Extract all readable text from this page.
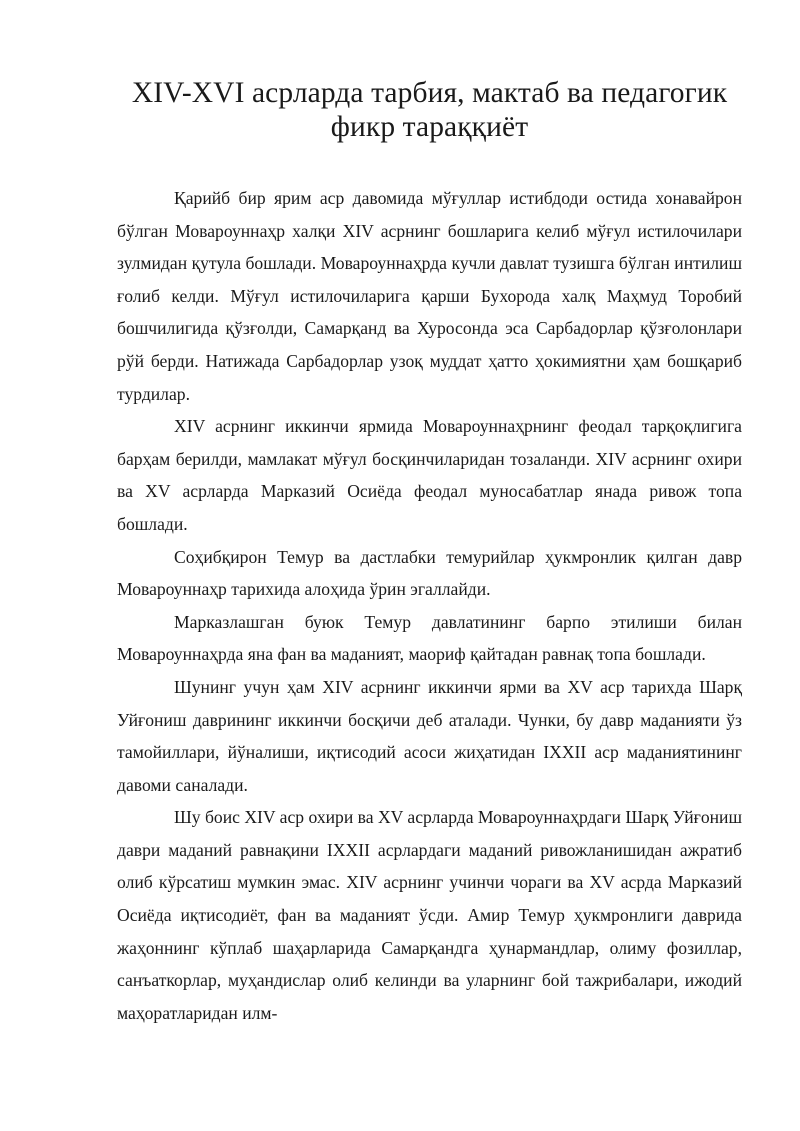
XIV-XVI асрларда тарбия, мактаб ва педагогик
фикр тараққиёт

Қарийб бир ярим аср давомида мўғуллар истибдоди остида хонавайрон бўлган Мовароуннаҳр халқи XIV асрнинг бошларига келиб мўғул истилочилари зулмидан қутула бошлади. Мовароуннаҳрда кучли давлат тузишга бўлган интилиш ғолиб келди. Мўғул истилочиларига қарши Бухорода халқ Маҳмуд Торобий бошчилигида қўзғолди, Самарқанд ва Хуросонда эса Сарбадорлар қўзғолонлари рўй берди. Натижада Сарбадорлар узоқ муддат ҳатто ҳокимиятни ҳам бошқариб турдилар.

XIV асрнинг иккинчи ярмида Мовароуннаҳрнинг феодал тарқоқлигига барҳам берилди, мамлакат мўғул босқинчиларидан тозаланди. XIV асрнинг охири ва XV асрларда Марказий Осиёда феодал муносабатлар янада ривож топа бошлади.

Соҳибқирон Темур ва дастлабки темурийлар ҳукмронлик қилган давр Мовароуннаҳр тарихида алоҳида ўрин эгаллайди.

Марказлашган буюк Темур давлатининг барпо этилиши билан Мовароуннаҳрда яна фан ва маданият, маориф қайтадан равнақ топа бошлади.

Шунинг учун ҳам XIV асрнинг иккинчи ярми ва XV аср тарихда Шарқ Уйғониш даврининг иккинчи босқичи деб аталади. Чунки, бу давр маданияти ўз тамойиллари, йўналиши, иқтисодий асоси жиҳатидан IXXII аср маданиятининг давоми саналади.

Шу боис XIV аср охири ва XV асрларда Мовароуннаҳрдаги Шарқ Уйғониш даври маданий равнақини IXXII асрлардаги маданий ривожланишидан ажратиб олиб кўрсатиш мумкин эмас. XIV асрнинг учинчи чораги ва XV асрда Марказий Осиёда иқтисодиёт, фан ва маданият ўсди. Амир Темур ҳукмронлиги даврида жаҳоннинг кўплаб шаҳарларида Самарқандга ҳунармандлар, олиму фозиллар, санъаткорлар, муҳандислар олиб келинди ва уларнинг бой тажрибалари, ижодий маҳоратларидан илм-
